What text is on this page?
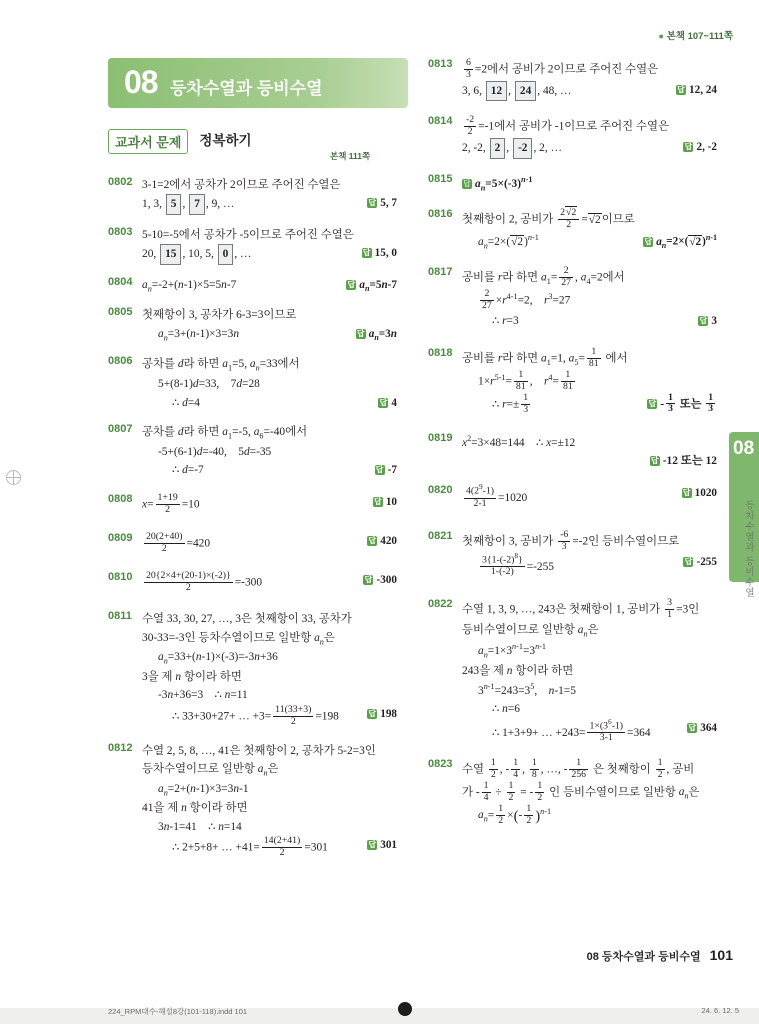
● 본책 107~111쪽
08 등차수열과 등비수열
교과서 문제 정복하기
본책 111쪽
0802 3-1=2에서 공차가 2이므로 주어진 수열은
1, 3, 5 , 7 , 9, …	답 5, 7
0803 5-10=-5에서 공차가 -5이므로 주어진 수열은
20, 15 , 10, 5, 0 , …	답 15, 0
0804 $a_n=-2+(n-1)\times 5=5n-7$	답 $a_n=5n-7$
0805 첫째항이 3, 공차가 6-3=3이므로
$a_n=3+(n-1)\times 3=3n$	답 $a_n=3n$
0806 공차를 d라 하면 $a_1=5$, $a_n=33$에서
5+(8-1)d=33,    7d=28
∴ d=4	답 4
0807 공차를 d라 하면 $a_1=-5$, $a_6=-40$에서
-5+(6-1)d=-40,    5d=-35
∴ d=-7	답 -7
0808 $x= \frac{1+19}{2} =10$	답 10
$0809 \frac{20(2+40)}{2} =420$	답 420
$0810 \frac{20\{2\times 4+(20-1)\times(-2)\}}{2} =-300$	답 -300
0811 수열 33, 30, 27, …, 3은 첫째항이 33, 공차가
30-33=-3인 등차수열이므로 일반항 $a_n$은
$a_n=33+(n-1)\times(-3)=-3n+36$
3을 제 n 항이라 하면
-3n+36=3    ∴ n=11
∴ 33+30+27+ … $+3= \frac{11(33+3)}{2} =198$	답 198
0812 수열 2, 5, 8, …, 41은 첫째항이 2, 공차가 5-2=3인
등차수열이므로 일반항 $a_n$은
$a_n=2+(n-1)\times 3=3n-1$
41을 제 n 항이라 하면
3n-1=41    ∴ n=14
∴ 2+5+8+ … $+41= \frac{14(2+41)}{2} =301$	답 301
$0813 \frac{6}{3} =2$에서 공비가 2이므로 주어진 수열은
3, 6, 12 , 24 , 48, …	답 12, 24
$0814 \frac{-2}{2} =-1$에서 공비가 -1이므로 주어진 수열은
2, -2, 2 , -2 , 2, …	답 2, -2
0815 답 $a_n=5\times(-3)^{n-1}$
0816 첫째항이 2, 공비가 $\frac{2√2}{2} =√2$이므로
$a_n=2\times(√2)^{n-1}$	답 $a_n=2\times(√2)^{n-1}$
0817 공비를 r라 하면 $a_1= \frac{2}{27}$ , $a_4=2$에서
$\frac{2}{27} \times r^{4-1}=2$,    $r^3=27$
∴ r=3	답 3
0818 공비를 r라 하면 $a_1=1$, $a_5= \frac{1}{81}$ 에서
$1\times r^{5-1}= \frac{1}{81}$ ,    $r^4= \frac{1}{81}$
∴ $r=\pm \frac{1}{3}$	답 - $\frac{1}{3}$ 또는 $\frac{1}{3}$
0819 $x^2=3\times 48=144$    ∴ x=±12
답 -12 또는 12
$0820 \frac{4(2^9-1)}{2-1} =1020$	답 1020
0821 첫째항이 3, 공비가 $\frac{-6}{3} =-2$인 등비수열이므로
$\frac{3\{1-(-2)^8\}}{1-(-2)} =-255$	답 -255
0822 수열 1, 3, 9, …, 243은 첫째항이 1, 공비가 $\frac{3}{1} =3$인
등비수열이므로 일반항 $a_n$은
$a_n=1\times 3^{n-1}=3^{n-1}$
243을 제 n 항이라 하면
$3^{n-1}=243=3^5$,    n-1=5
∴ n=6
∴ 1+3+9+ … $+243= \frac{1\times(3^6-1)}{3-1} =364$	답 364
0823 수열 $\frac{1}{2}$ , - $\frac{1}{4}$ , $\frac{1}{8}$ , …, - $\frac{1}{256}$ 은 첫째항이 $\frac{1}{2}$ , 공비
가 - $\frac{1}{4} \div \frac{1}{2}$ = - $\frac{1}{2}$ 인 등비수열이므로 일반항 $a_n$은
$a_n= \frac{1}{2}$ ×(- $\frac{1}{2} )^{n-1}$
08
등차수열과 등비수열
08 등차수열과 등비수열 101
224_RPM대수-해설8강(101-118).indd 101	24. 6. 12. 5
